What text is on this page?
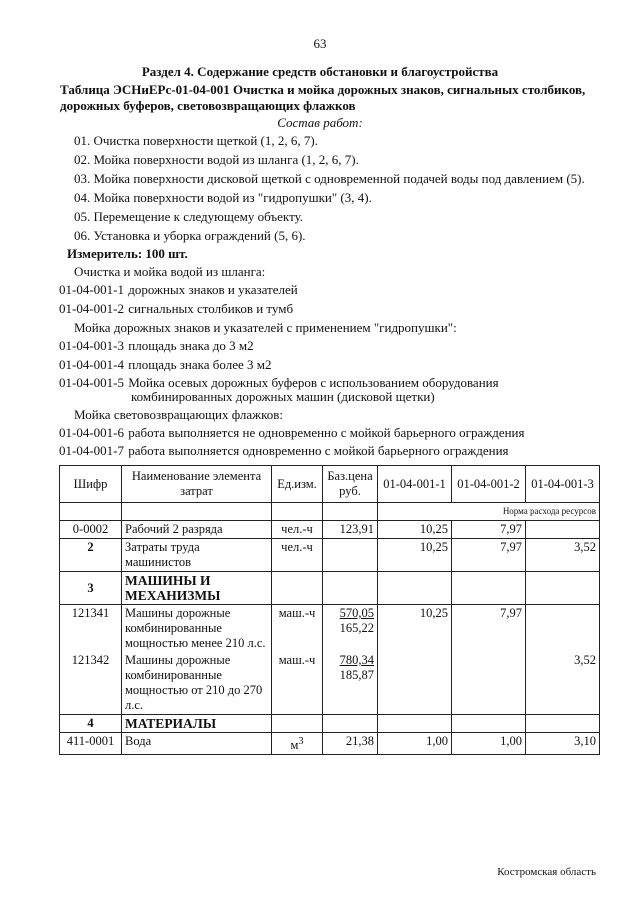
63
Раздел 4. Содержание средств обстановки и благоустройства
Таблица ЭСНиЕРс-01-04-001 Очистка и мойка дорожных знаков, сигнальных столбиков, дорожных буферов, световозвращающих флажков
Состав работ:
01. Очистка поверхности щеткой (1, 2, 6, 7).
02. Мойка поверхности водой из шланга (1, 2, 6, 7).
03. Мойка поверхности дисковой щеткой с одновременной подачей воды под давлением (5).
04. Мойка поверхности водой из "гидропушки" (3, 4).
05. Перемещение к следующему объекту.
06. Установка и уборка ограждений (5, 6).
Измеритель: 100 шт.
Очистка и мойка водой из шланга:
01-04-001-1 дорожных знаков и указателей
01-04-001-2 сигнальных столбиков и тумб
Мойка дорожных знаков и указателей с применением "гидропушки":
01-04-001-3 площадь знака до 3 м2
01-04-001-4 площадь знака более 3 м2
01-04-001-5 Мойка осевых дорожных буферов с использованием оборудования
комбинированных дорожных машин (дисковой щетки)
Мойка световозвращающих флажков:
01-04-001-6 работа выполняется не одновременно с мойкой барьерного ограждения
01-04-001-7 работа выполняется одновременно с мойкой барьерного ограждения
Шифр	Наименование элемента затрат	Ед.изм.	Баз.цена руб.	01-04-001-1	01-04-001-2	01-04-001-3
				Норма расхода ресурсов		
0-0002	Рабочий 2 разряда	чел.-ч	123,91	10,25	7,97	
2	Затраты труда машинистов	чел.-ч		10,25	7,97	3,52
3	МАШИНЫ И МЕХАНИЗМЫ					
121341	Машины дорожные комбинированные мощностью менее 210 л.с.	маш.-ч	570,05
165,22	10,25	7,97	
121342	Машины дорожные комбинированные мощностью от 210 до 270 л.с.	маш.-ч	780,34
185,87			3,52
4	МАТЕРИАЛЫ					
411-0001	Вода	$м^3$	21,38	1,00	1,00	3,10
Костромская область
